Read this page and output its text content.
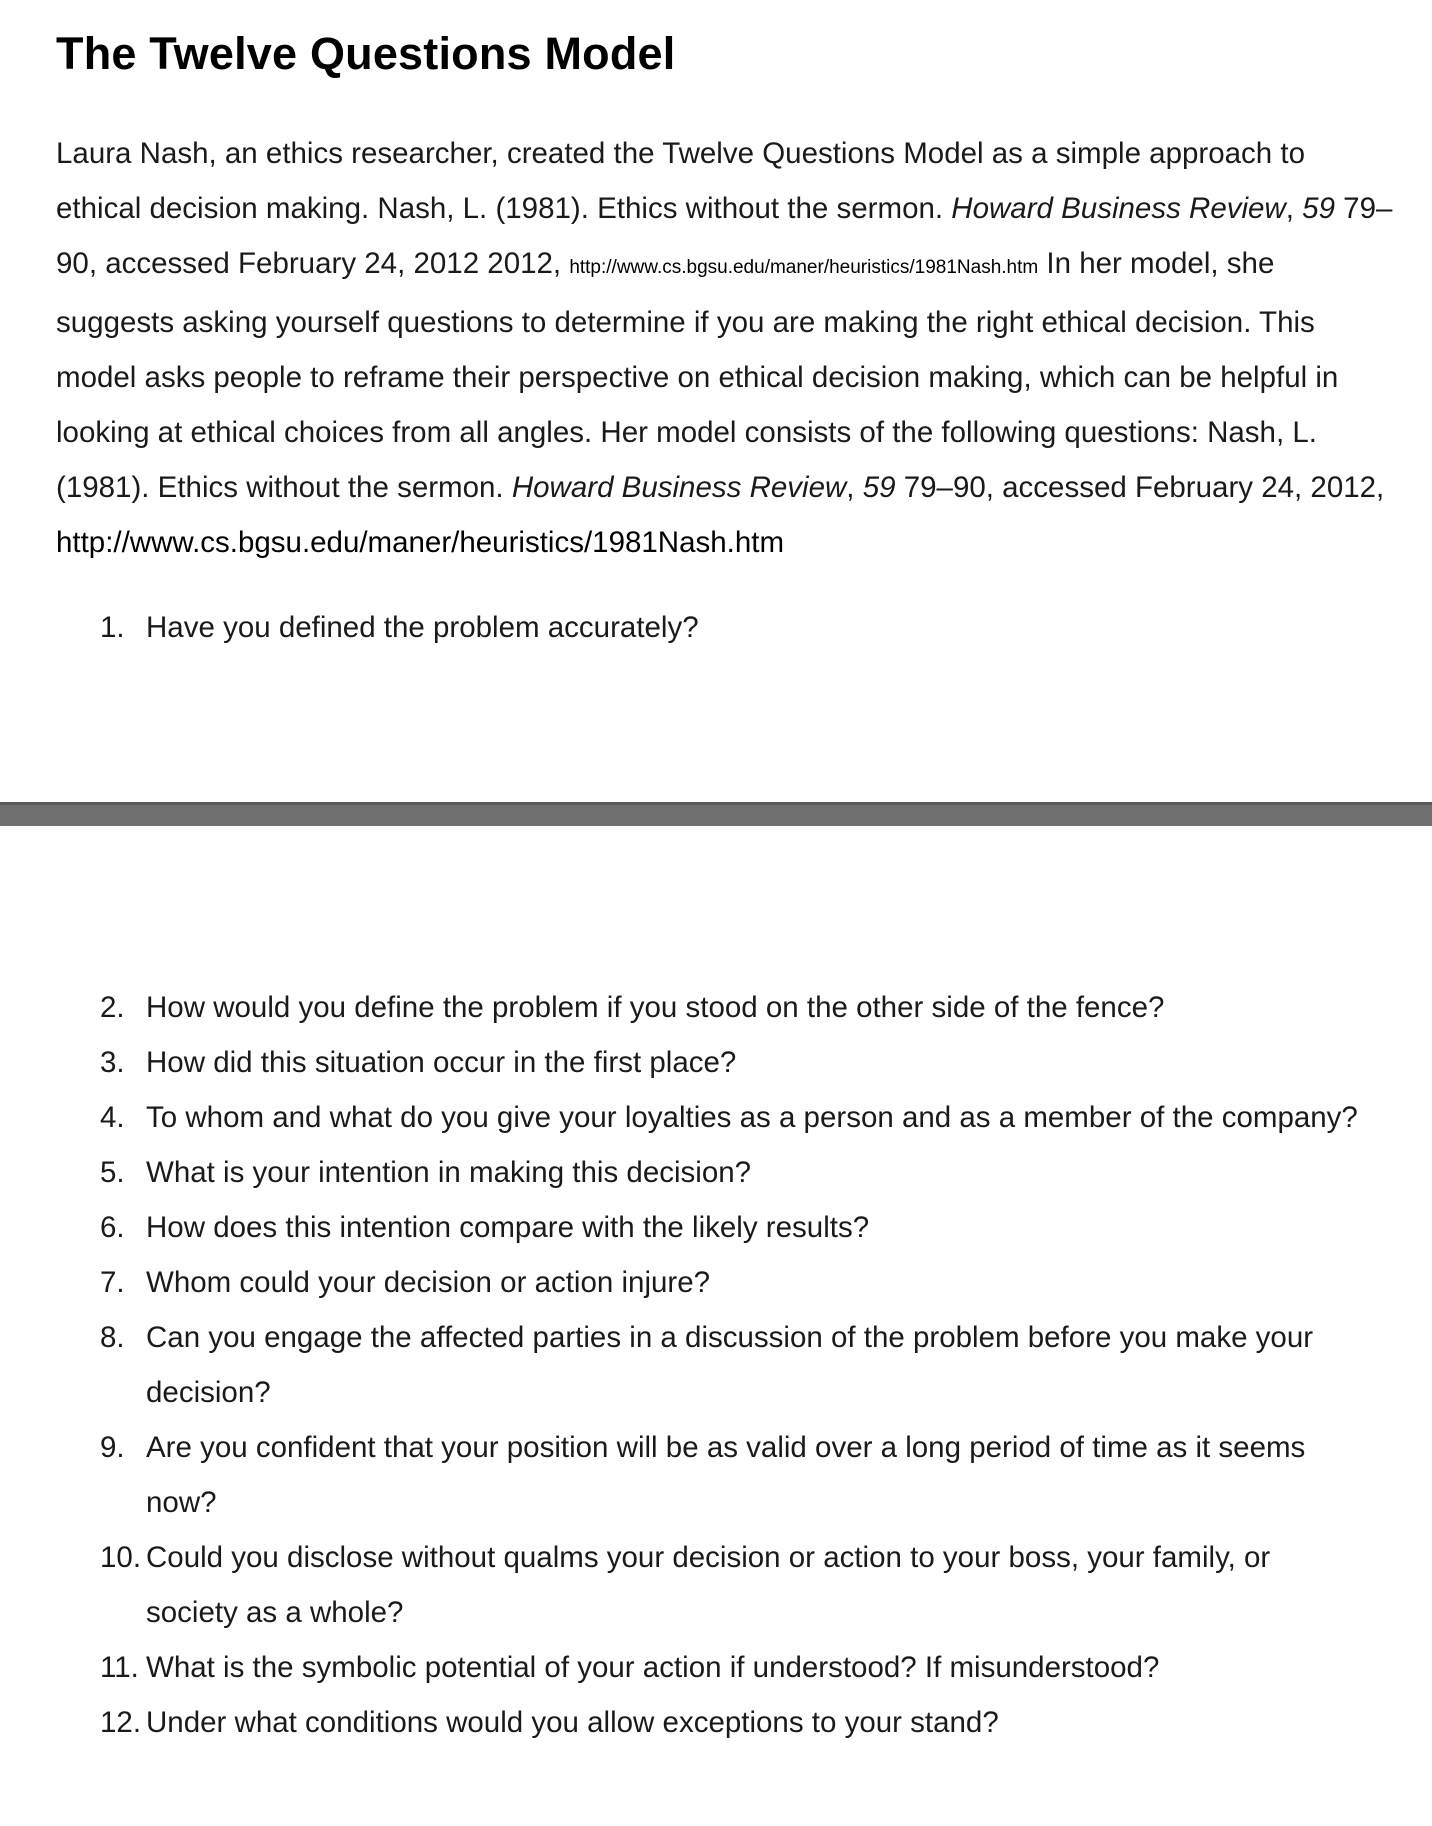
The Twelve Questions Model

Laura Nash, an ethics researcher, created the Twelve Questions Model as a simple approach to ethical decision making. Nash, L. (1981). Ethics without the sermon. Howard Business Review, 59 79–90, accessed February 24, 2012 2012, http://www.cs.bgsu.edu/maner/heuristics/1981Nash.htm In her model, she suggests asking yourself questions to determine if you are making the right ethical decision. This model asks people to reframe their perspective on ethical decision making, which can be helpful in looking at ethical choices from all angles. Her model consists of the following questions: Nash, L. (1981). Ethics without the sermon. Howard Business Review, 59 79–90, accessed February 24, 2012, http://www.cs.bgsu.edu/maner/heuristics/1981Nash.htm

1. Have you defined the problem accurately?
2. How would you define the problem if you stood on the other side of the fence?
3. How did this situation occur in the first place?
4. To whom and what do you give your loyalties as a person and as a member of the company?
5. What is your intention in making this decision?
6. How does this intention compare with the likely results?
7. Whom could your decision or action injure?
8. Can you engage the affected parties in a discussion of the problem before you make your decision?
9. Are you confident that your position will be as valid over a long period of time as it seems now?
10. Could you disclose without qualms your decision or action to your boss, your family, or society as a whole?
11. What is the symbolic potential of your action if understood? If misunderstood?
12. Under what conditions would you allow exceptions to your stand?
